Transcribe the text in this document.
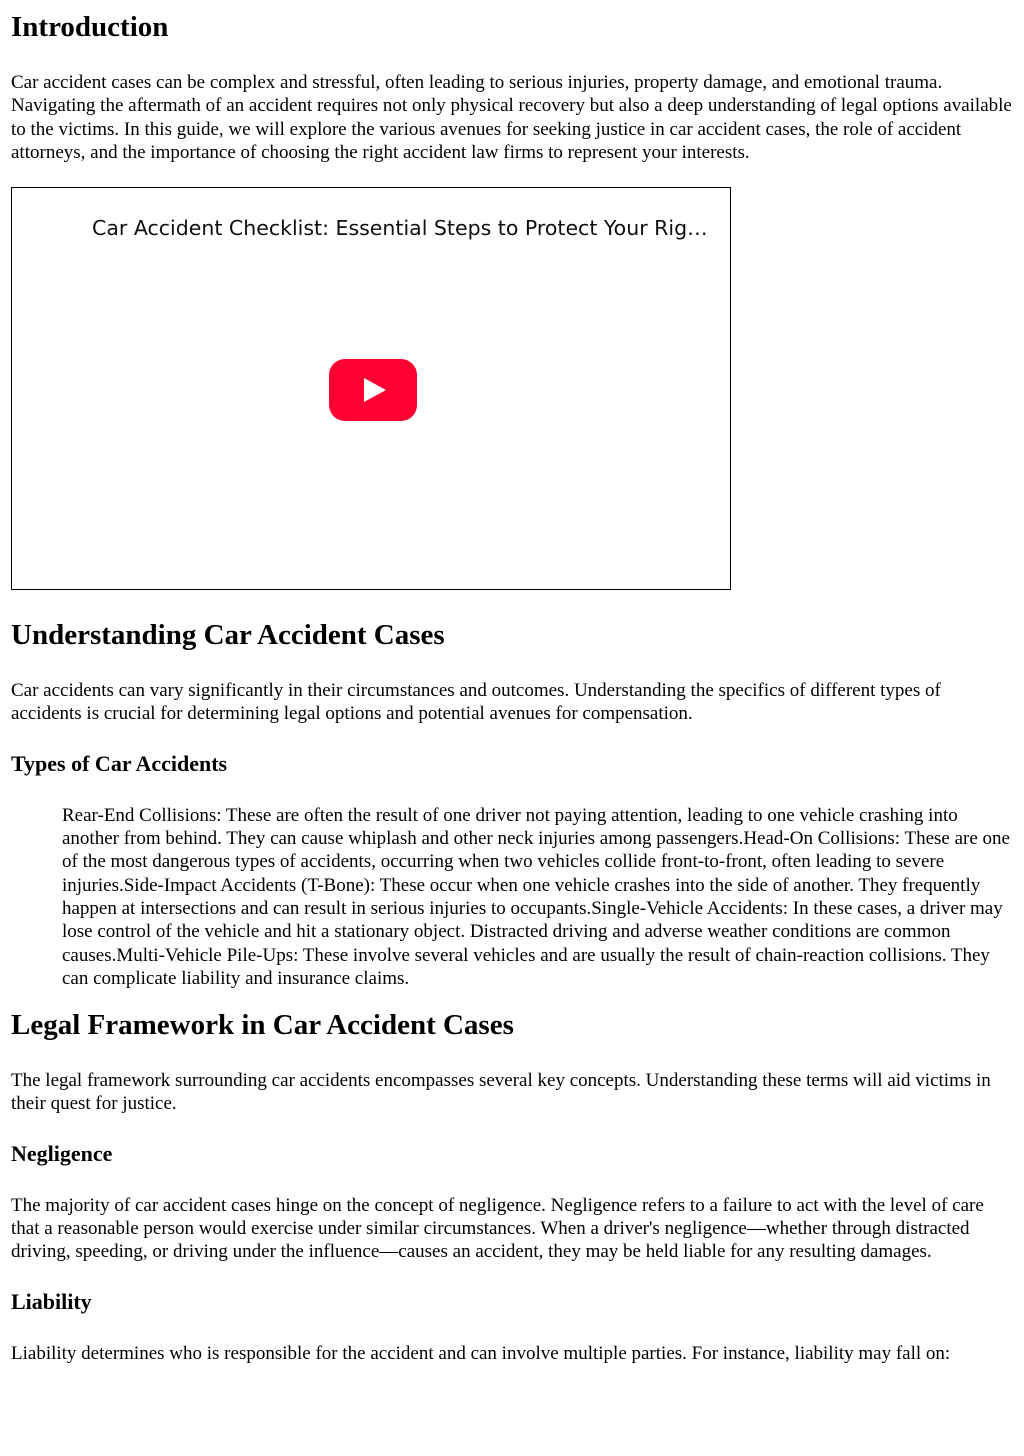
Introduction

Car accident cases can be complex and stressful, often leading to serious injuries, property damage, and emotional trauma. Navigating the aftermath of an accident requires not only physical recovery but also a deep understanding of legal options available to the victims. In this guide, we will explore the various avenues for seeking justice in car accident cases, the role of accident attorneys, and the importance of choosing the right accident law firms to represent your interests.

Car Accident Checklist: Essential Steps to Protect Your Rig…
Understanding Car Accident Cases

Car accidents can vary significantly in their circumstances and outcomes. Understanding the specifics of different types of accidents is crucial for determining legal options and potential avenues for compensation.

Types of Car Accidents

Rear-End Collisions: These are often the result of one driver not paying attention, leading to one vehicle crashing into another from behind. They can cause whiplash and other neck injuries among passengers.Head-On Collisions: These are one of the most dangerous types of accidents, occurring when two vehicles collide front-to-front, often leading to severe injuries.Side-Impact Accidents (T-Bone): These occur when one vehicle crashes into the side of another. They frequently happen at intersections and can result in serious injuries to occupants.Single-Vehicle Accidents: In these cases, a driver may lose control of the vehicle and hit a stationary object. Distracted driving and adverse weather conditions are common causes.Multi-Vehicle Pile-Ups: These involve several vehicles and are usually the result of chain-reaction collisions. They can complicate liability and insurance claims.

Legal Framework in Car Accident Cases

The legal framework surrounding car accidents encompasses several key concepts. Understanding these terms will aid victims in their quest for justice.

Negligence

The majority of car accident cases hinge on the concept of negligence. Negligence refers to a failure to act with the level of care that a reasonable person would exercise under similar circumstances. When a driver's negligence—whether through distracted driving, speeding, or driving under the influence—causes an accident, they may be held liable for any resulting damages.

Liability

Liability determines who is responsible for the accident and can involve multiple parties. For instance, liability may fall on:
